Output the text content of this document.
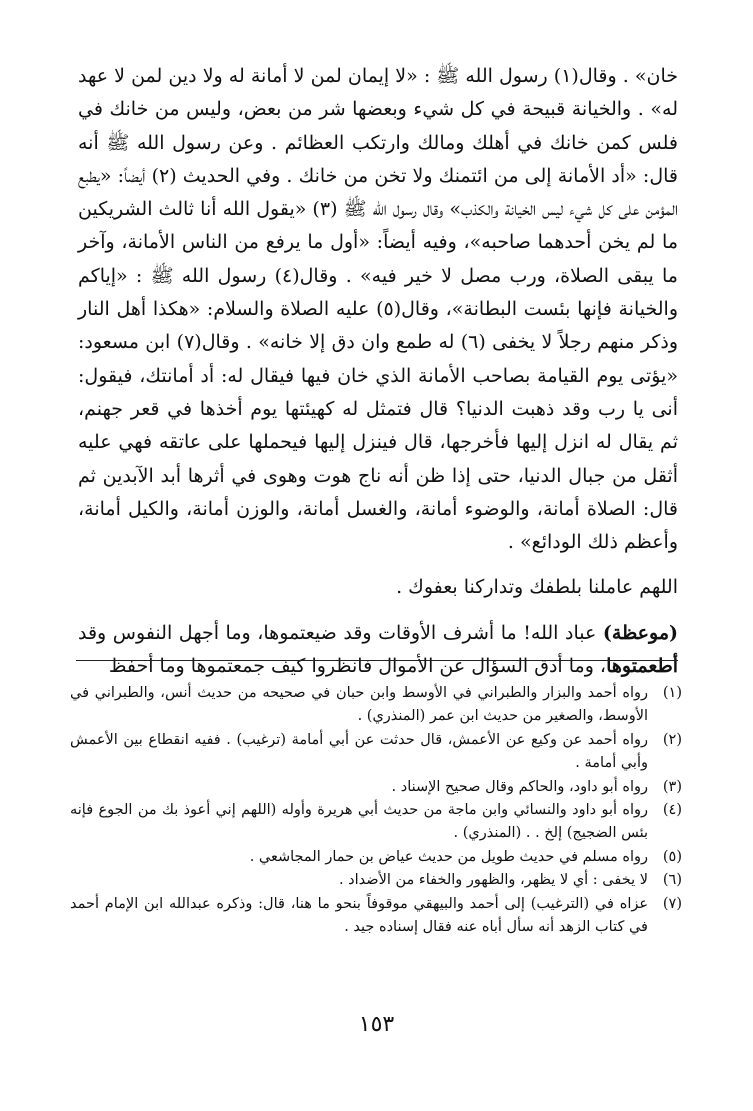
خان» . وقال(١) رسول الله ﷺ : «لا إيمان لمن لا أمانة له ولا دين لمن لا عهد له» . والخيانة قبيحة في كل شيء وبعضها شر من بعض، وليس من خانك في فلس كمن خانك في أهلك ومالك وارتكب العظائم . وعن رسول الله ﷺ أنه قال: «أد الأمانة إلى من ائتمنك ولا تخن من خانك . وفي الحديث (٢) أيضاً: «يطبع المؤمن على كل شيء ليس الخيانة والكذب» وقال رسول الله ﷺ (٣) «يقول الله أنا ثالث الشريكين ما لم يخن أحدهما صاحبه»، وفيه أيضاً: «أول ما يرفع من الناس الأمانة، وآخر ما يبقى الصلاة، ورب مصل لا خير فيه» . وقال(٤) رسول الله ﷺ : «إياكم والخيانة فإنها بئست البطانة»، وقال(٥) عليه الصلاة والسلام: «هكذا أهل النار وذكر منهم رجلاً لا يخفى (٦) له طمع وان دق إلا خانه» . وقال(٧) ابن مسعود: «يؤتى يوم القيامة بصاحب الأمانة الذي خان فيها فيقال له: أد أمانتك، فيقول: أنى يا رب وقد ذهبت الدنيا؟ قال فتمثل له كهيئتها يوم أخذها في قعر جهنم، ثم يقال له انزل إليها فأخرجها، قال فينزل إليها فيحملها على عاتقه فهي عليه أثقل من جبال الدنيا، حتى إذا ظن أنه ناج هوت وهوى في أثرها أبد الآبدين ثم قال: الصلاة أمانة، والوضوء أمانة، والغسل أمانة، والوزن أمانة، والكيل أمانة، وأعظم ذلك الودائع» .

اللهم عاملنا بلطفك وتداركنا بعفوك .

(موعظة) عباد الله! ما أشرف الأوقات وقد ضيعتموها، وما أجهل النفوس وقد أطعمتوها، وما أدق السؤال عن الأموال فانظروا كيف جمعتموها وما أحفظ

(١)
رواه أحمد والبزار والطبراني في الأوسط وابن حبان في صحيحه من حديث أنس، والطبراني في الأوسط، والصغير من حديث ابن عمر (المنذري) .
(٢)
رواه أحمد عن وكيع عن الأعمش، قال حدثت عن أبي أمامة (ترغيب) . ففيه انقطاع بين الأعمش وأبي أمامة .
(٣)
رواه أبو داود، والحاكم وقال صحيح الإسناد .
(٤)
رواه أبو داود والنسائي وابن ماجة من حديث أبي هريرة وأوله (اللهم إني أعوذ بك من الجوع فإنه بئس الضجيج) إلخ . . (المنذري) .
(٥)
رواه مسلم في حديث طويل من حديث عياض بن حمار المجاشعي .
(٦)
لا يخفى : أي لا يظهر، والظهور والخفاء من الأضداد .
(٧)
عزاه في (الترغيب) إلى أحمد والبيهقي موقوفاً بنحو ما هنا، قال: وذكره عبدالله ابن الإمام أحمد في كتاب الزهد أنه سأل أباه عنه فقال إسناده جيد .
١٥٣
